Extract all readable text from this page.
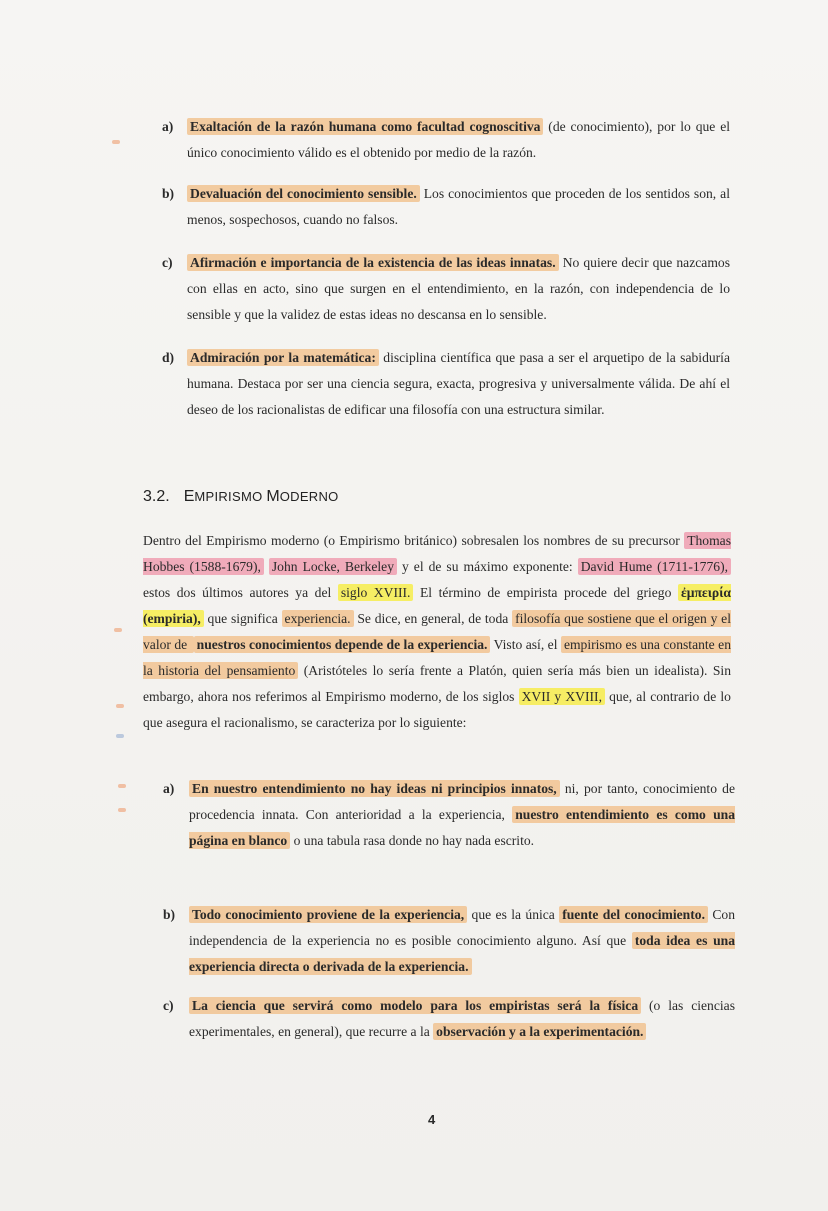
a) Exaltación de la razón humana como facultad cognoscitiva (de conocimiento), por lo que el único conocimiento válido es el obtenido por medio de la razón.
b) Devaluación del conocimiento sensible. Los conocimientos que proceden de los sentidos son, al menos, sospechosos, cuando no falsos.
c) Afirmación e importancia de la existencia de las ideas innatas. No quiere decir que nazcamos con ellas en acto, sino que surgen en el entendimiento, en la razón, con independencia de lo sensible y que la validez de estas ideas no descansa en lo sensible.
d) Admiración por la matemática: disciplina científica que pasa a ser el arquetipo de la sabiduría humana. Destaca por ser una ciencia segura, exacta, progresiva y universalmente válida. De ahí el deseo de los racionalistas de edificar una filosofía con una estructura similar.
3.2. EMPIRISMO MODERNO
Dentro del Empirismo moderno (o Empirismo británico) sobresalen los nombres de su precursor Thomas Hobbes (1588-1679), John Locke, Berkeley y el de su máximo exponente: David Hume (1711-1776), estos dos últimos autores ya del siglo XVIII. El término de empirista procede del griego ἐμπειρία (empiria), que significa experiencia. Se dice, en general, de toda filosofía que sostiene que el origen y el valor de nuestros conocimientos depende de la experiencia. Visto así, el empirismo es una constante en la historia del pensamiento (Aristóteles lo sería frente a Platón, quien sería más bien un idealista). Sin embargo, ahora nos referimos al Empirismo moderno, de los siglos XVII y XVIII, que, al contrario de lo que asegura el racionalismo, se caracteriza por lo siguiente:
a) En nuestro entendimiento no hay ideas ni principios innatos, ni, por tanto, conocimiento de procedencia innata. Con anterioridad a la experiencia, nuestro entendimiento es como una página en blanco o una tabula rasa donde no hay nada escrito.
b) Todo conocimiento proviene de la experiencia, que es la única fuente del conocimiento. Con independencia de la experiencia no es posible conocimiento alguno. Así que toda idea es una experiencia directa o derivada de la experiencia.
c) La ciencia que servirá como modelo para los empiristas será la física (o las ciencias experimentales, en general), que recurre a la observación y a la experimentación.
4
